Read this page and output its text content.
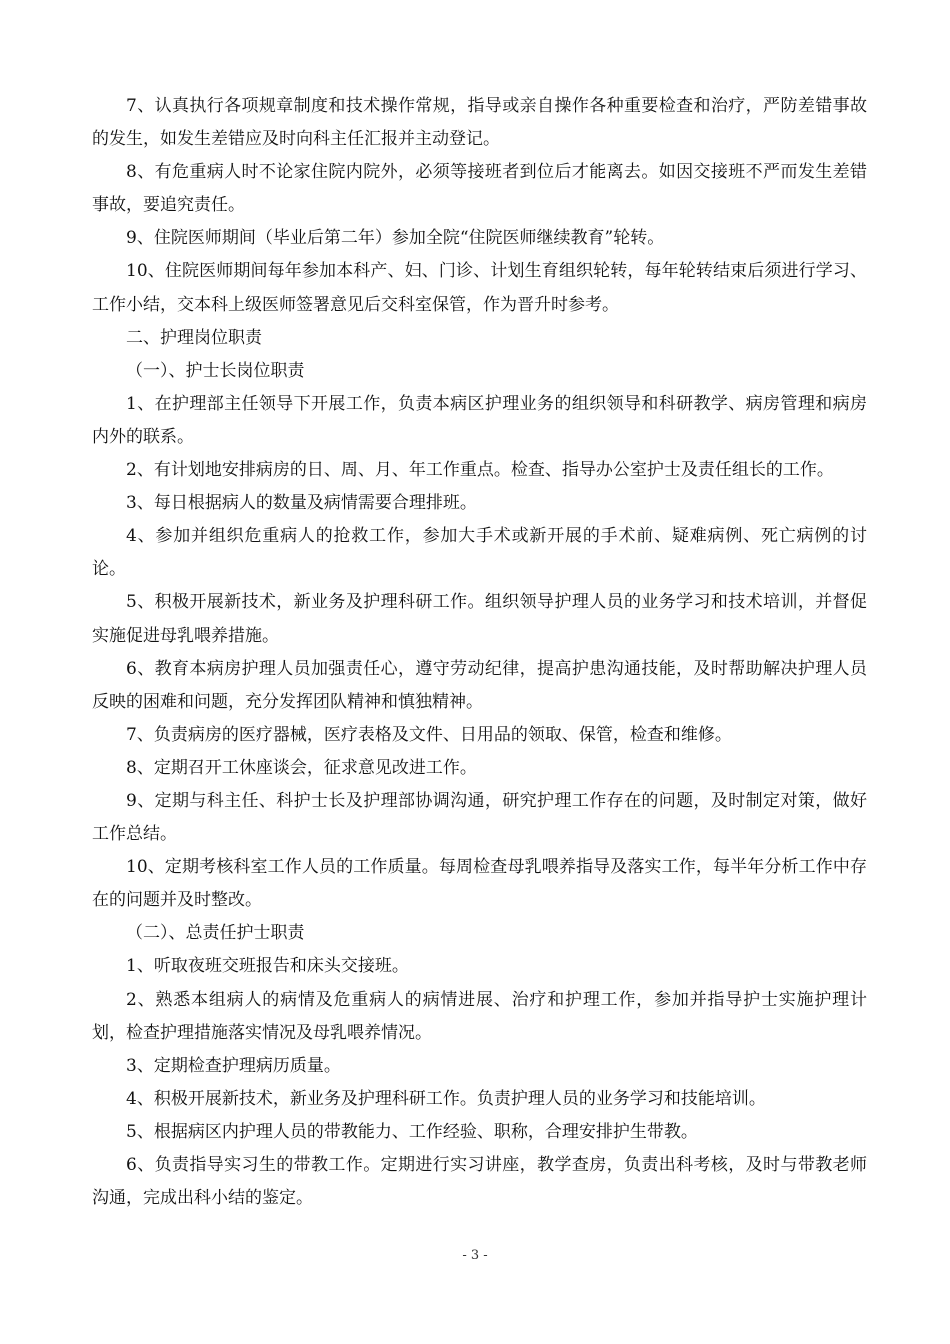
7、认真执行各项规章制度和技术操作常规，指导或亲自操作各种重要检查和治疗，严防差错事故的发生，如发生差错应及时向科主任汇报并主动登记。

8、有危重病人时不论家住院内院外，必须等接班者到位后才能离去。如因交接班不严而发生差错事故，要追究责任。

9、住院医师期间（毕业后第二年）参加全院“住院医师继续教育”轮转。

10、住院医师期间每年参加本科产、妇、门诊、计划生育组织轮转，每年轮转结束后须进行学习、工作小结，交本科上级医师签署意见后交科室保管，作为晋升时参考。

二、护理岗位职责

（一）、护士长岗位职责

1、在护理部主任领导下开展工作，负责本病区护理业务的组织领导和科研教学、病房管理和病房内外的联系。

2、有计划地安排病房的日、周、月、年工作重点。检查、指导办公室护士及责任组长的工作。

3、每日根据病人的数量及病情需要合理排班。

4、参加并组织危重病人的抢救工作，参加大手术或新开展的手术前、疑难病例、死亡病例的讨论。

5、积极开展新技术，新业务及护理科研工作。组织领导护理人员的业务学习和技术培训，并督促实施促进母乳喂养措施。

6、教育本病房护理人员加强责任心，遵守劳动纪律，提高护患沟通技能，及时帮助解决护理人员反映的困难和问题，充分发挥团队精神和慎独精神。

7、负责病房的医疗器械，医疗表格及文件、日用品的领取、保管，检查和维修。

8、定期召开工休座谈会，征求意见改进工作。

9、定期与科主任、科护士长及护理部协调沟通，研究护理工作存在的问题，及时制定对策，做好工作总结。

10、定期考核科室工作人员的工作质量。每周检查母乳喂养指导及落实工作，每半年分析工作中存在的问题并及时整改。

（二）、总责任护士职责

1、听取夜班交班报告和床头交接班。

2、熟悉本组病人的病情及危重病人的病情进展、治疗和护理工作，参加并指导护士实施护理计划，检查护理措施落实情况及母乳喂养情况。

3、定期检查护理病历质量。

4、积极开展新技术，新业务及护理科研工作。负责护理人员的业务学习和技能培训。

5、根据病区内护理人员的带教能力、工作经验、职称，合理安排护生带教。

6、负责指导实习生的带教工作。定期进行实习讲座，教学查房，负责出科考核，及时与带教老师沟通，完成出科小结的鉴定。

- 3 -
